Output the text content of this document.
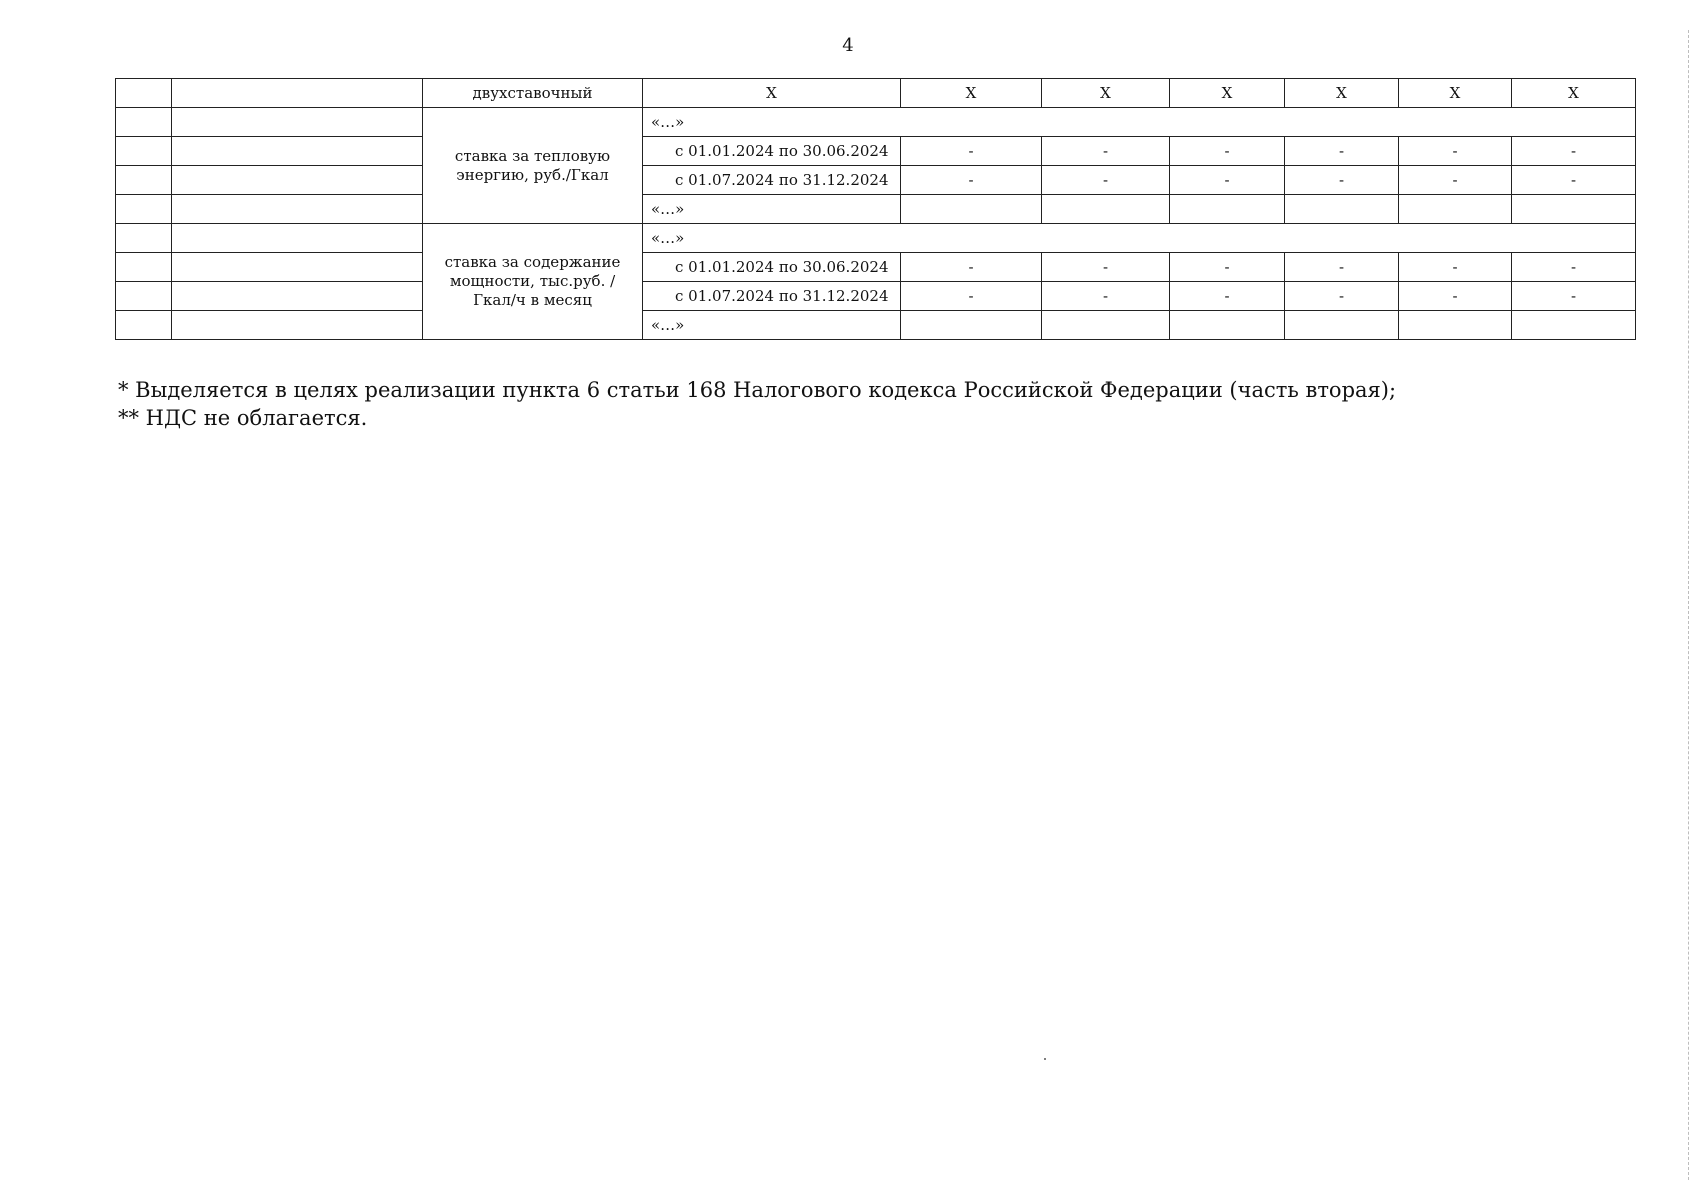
4
		двухставочный	Х	Х	Х	Х	Х	Х	Х
		ставка за тепловую энергию, руб./Гкал	«…»						
			с 01.01.2024 по 30.06.2024	-	-	-	-	-	-
			с 01.07.2024 по 31.12.2024	-	-	-	-	-	-
			«…»						
		ставка за содержание мощности, тыс.руб. /Гкал/ч в месяц	«…»						
			с 01.01.2024 по 30.06.2024	-	-	-	-	-	-
			с 01.07.2024 по 31.12.2024	-	-	-	-	-	-
			«…»						
* Выделяется в целях реализации пункта 6 статьи 168 Налогового кодекса Российской Федерации (часть вторая);
** НДС не облагается.
